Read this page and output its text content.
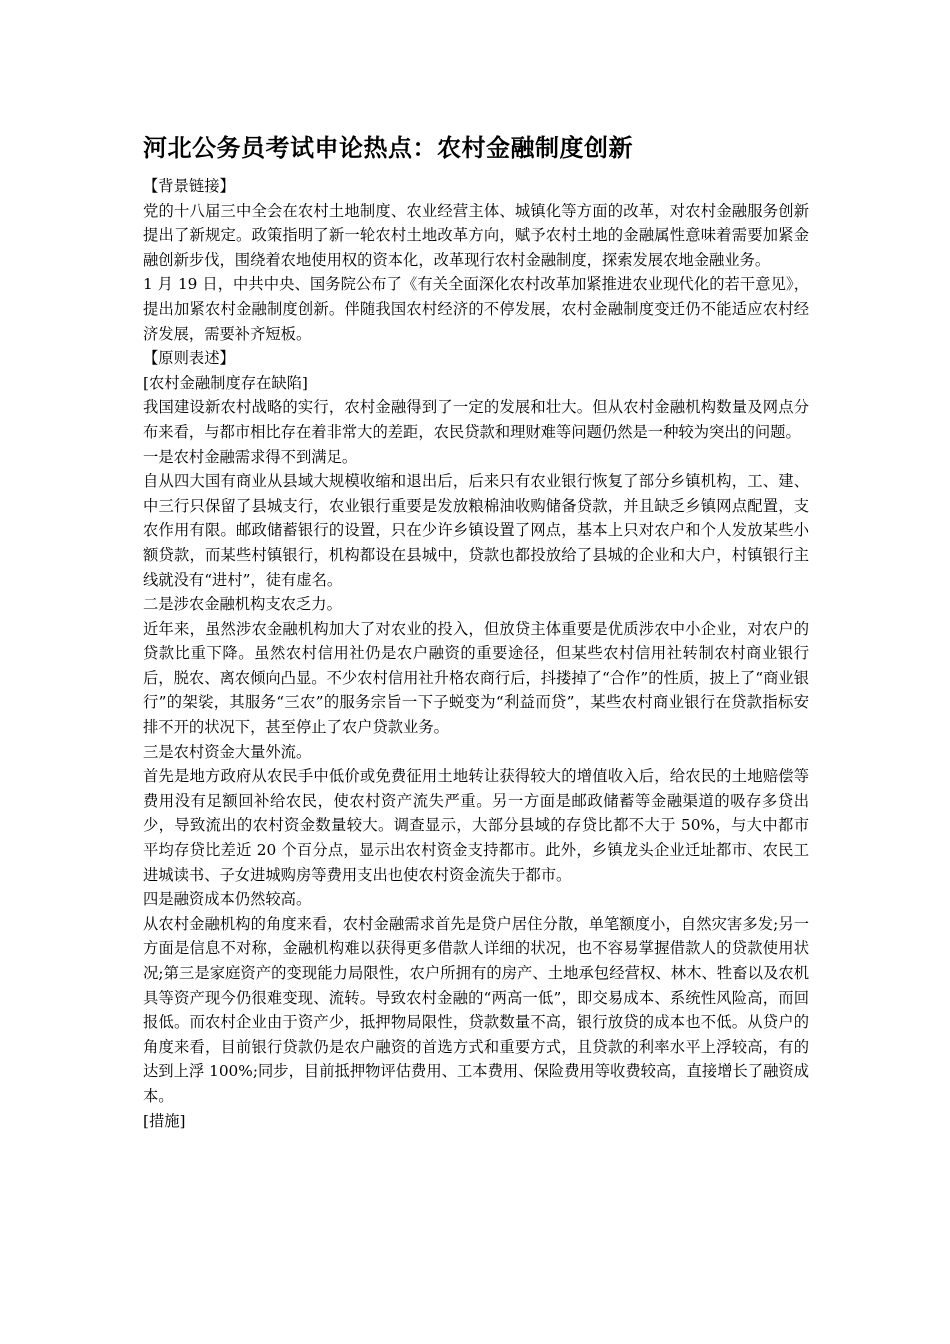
河北公务员考试申论热点：农村金融制度创新

【背景链接】

党的十八届三中全会在农村土地制度、农业经营主体、城镇化等方面的改革，对农村金融服务创新提出了新规定。政策指明了新一轮农村土地改革方向，赋予农村土地的金融属性意味着需要加紧金融创新步伐，围绕着农地使用权的资本化，改革现行农村金融制度，探索发展农地金融业务。

1 月 19 日，中共中央、国务院公布了《有关全面深化农村改革加紧推进农业现代化的若干意见》，提出加紧农村金融制度创新。伴随我国农村经济的不停发展，农村金融制度变迁仍不能适应农村经济发展，需要补齐短板。

【原则表述】

[农村金融制度存在缺陷]

我国建设新农村战略的实行，农村金融得到了一定的发展和壮大。但从农村金融机构数量及网点分布来看，与都市相比存在着非常大的差距，农民贷款和理财难等问题仍然是一种较为突出的问题。

一是农村金融需求得不到满足。

自从四大国有商业从县域大规模收缩和退出后，后来只有农业银行恢复了部分乡镇机构，工、建、中三行只保留了县城支行，农业银行重要是发放粮棉油收购储备贷款，并且缺乏乡镇网点配置，支农作用有限。邮政储蓄银行的设置，只在少许乡镇设置了网点，基本上只对农户和个人发放某些小额贷款，而某些村镇银行，机构都设在县城中，贷款也都投放给了县城的企业和大户，村镇银行主线就没有“进村”，徒有虚名。

二是涉农金融机构支农乏力。

近年来，虽然涉农金融机构加大了对农业的投入，但放贷主体重要是优质涉农中小企业，对农户的贷款比重下降。虽然农村信用社仍是农户融资的重要途径，但某些农村信用社转制农村商业银行后，脱农、离农倾向凸显。不少农村信用社升格农商行后，抖搂掉了“合作”的性质，披上了“商业银行”的架裟，其服务“三农”的服务宗旨一下子蜕变为“利益而贷”，某些农村商业银行在贷款指标安排不开的状况下，甚至停止了农户贷款业务。

三是农村资金大量外流。

首先是地方政府从农民手中低价或免费征用土地转让获得较大的增值收入后，给农民的土地赔偿等费用没有足额回补给农民，使农村资产流失严重。另一方面是邮政储蓄等金融渠道的吸存多贷出少，导致流出的农村资金数量较大。调查显示，大部分县域的存贷比都不大于 50%，与大中都市平均存贷比差近 20 个百分点，显示出农村资金支持都市。此外，乡镇龙头企业迁址都市、农民工进城读书、子女进城购房等费用支出也使农村资金流失于都市。

四是融资成本仍然较高。

从农村金融机构的角度来看，农村金融需求首先是贷户居住分散，单笔额度小，自然灾害多发;另一方面是信息不对称，金融机构难以获得更多借款人详细的状况，也不容易掌握借款人的贷款使用状况;第三是家庭资产的变现能力局限性，农户所拥有的房产、土地承包经营权、林木、牲畜以及农机具等资产现今仍很难变现、流转。导致农村金融的“两高一低”，即交易成本、系统性风险高，而回报低。而农村企业由于资产少，抵押物局限性，贷款数量不高，银行放贷的成本也不低。从贷户的角度来看，目前银行贷款仍是农户融资的首选方式和重要方式，且贷款的利率水平上浮较高，有的达到上浮 100%;同步，目前抵押物评估费用、工本费用、保险费用等收费较高，直接增长了融资成本。

[措施]
